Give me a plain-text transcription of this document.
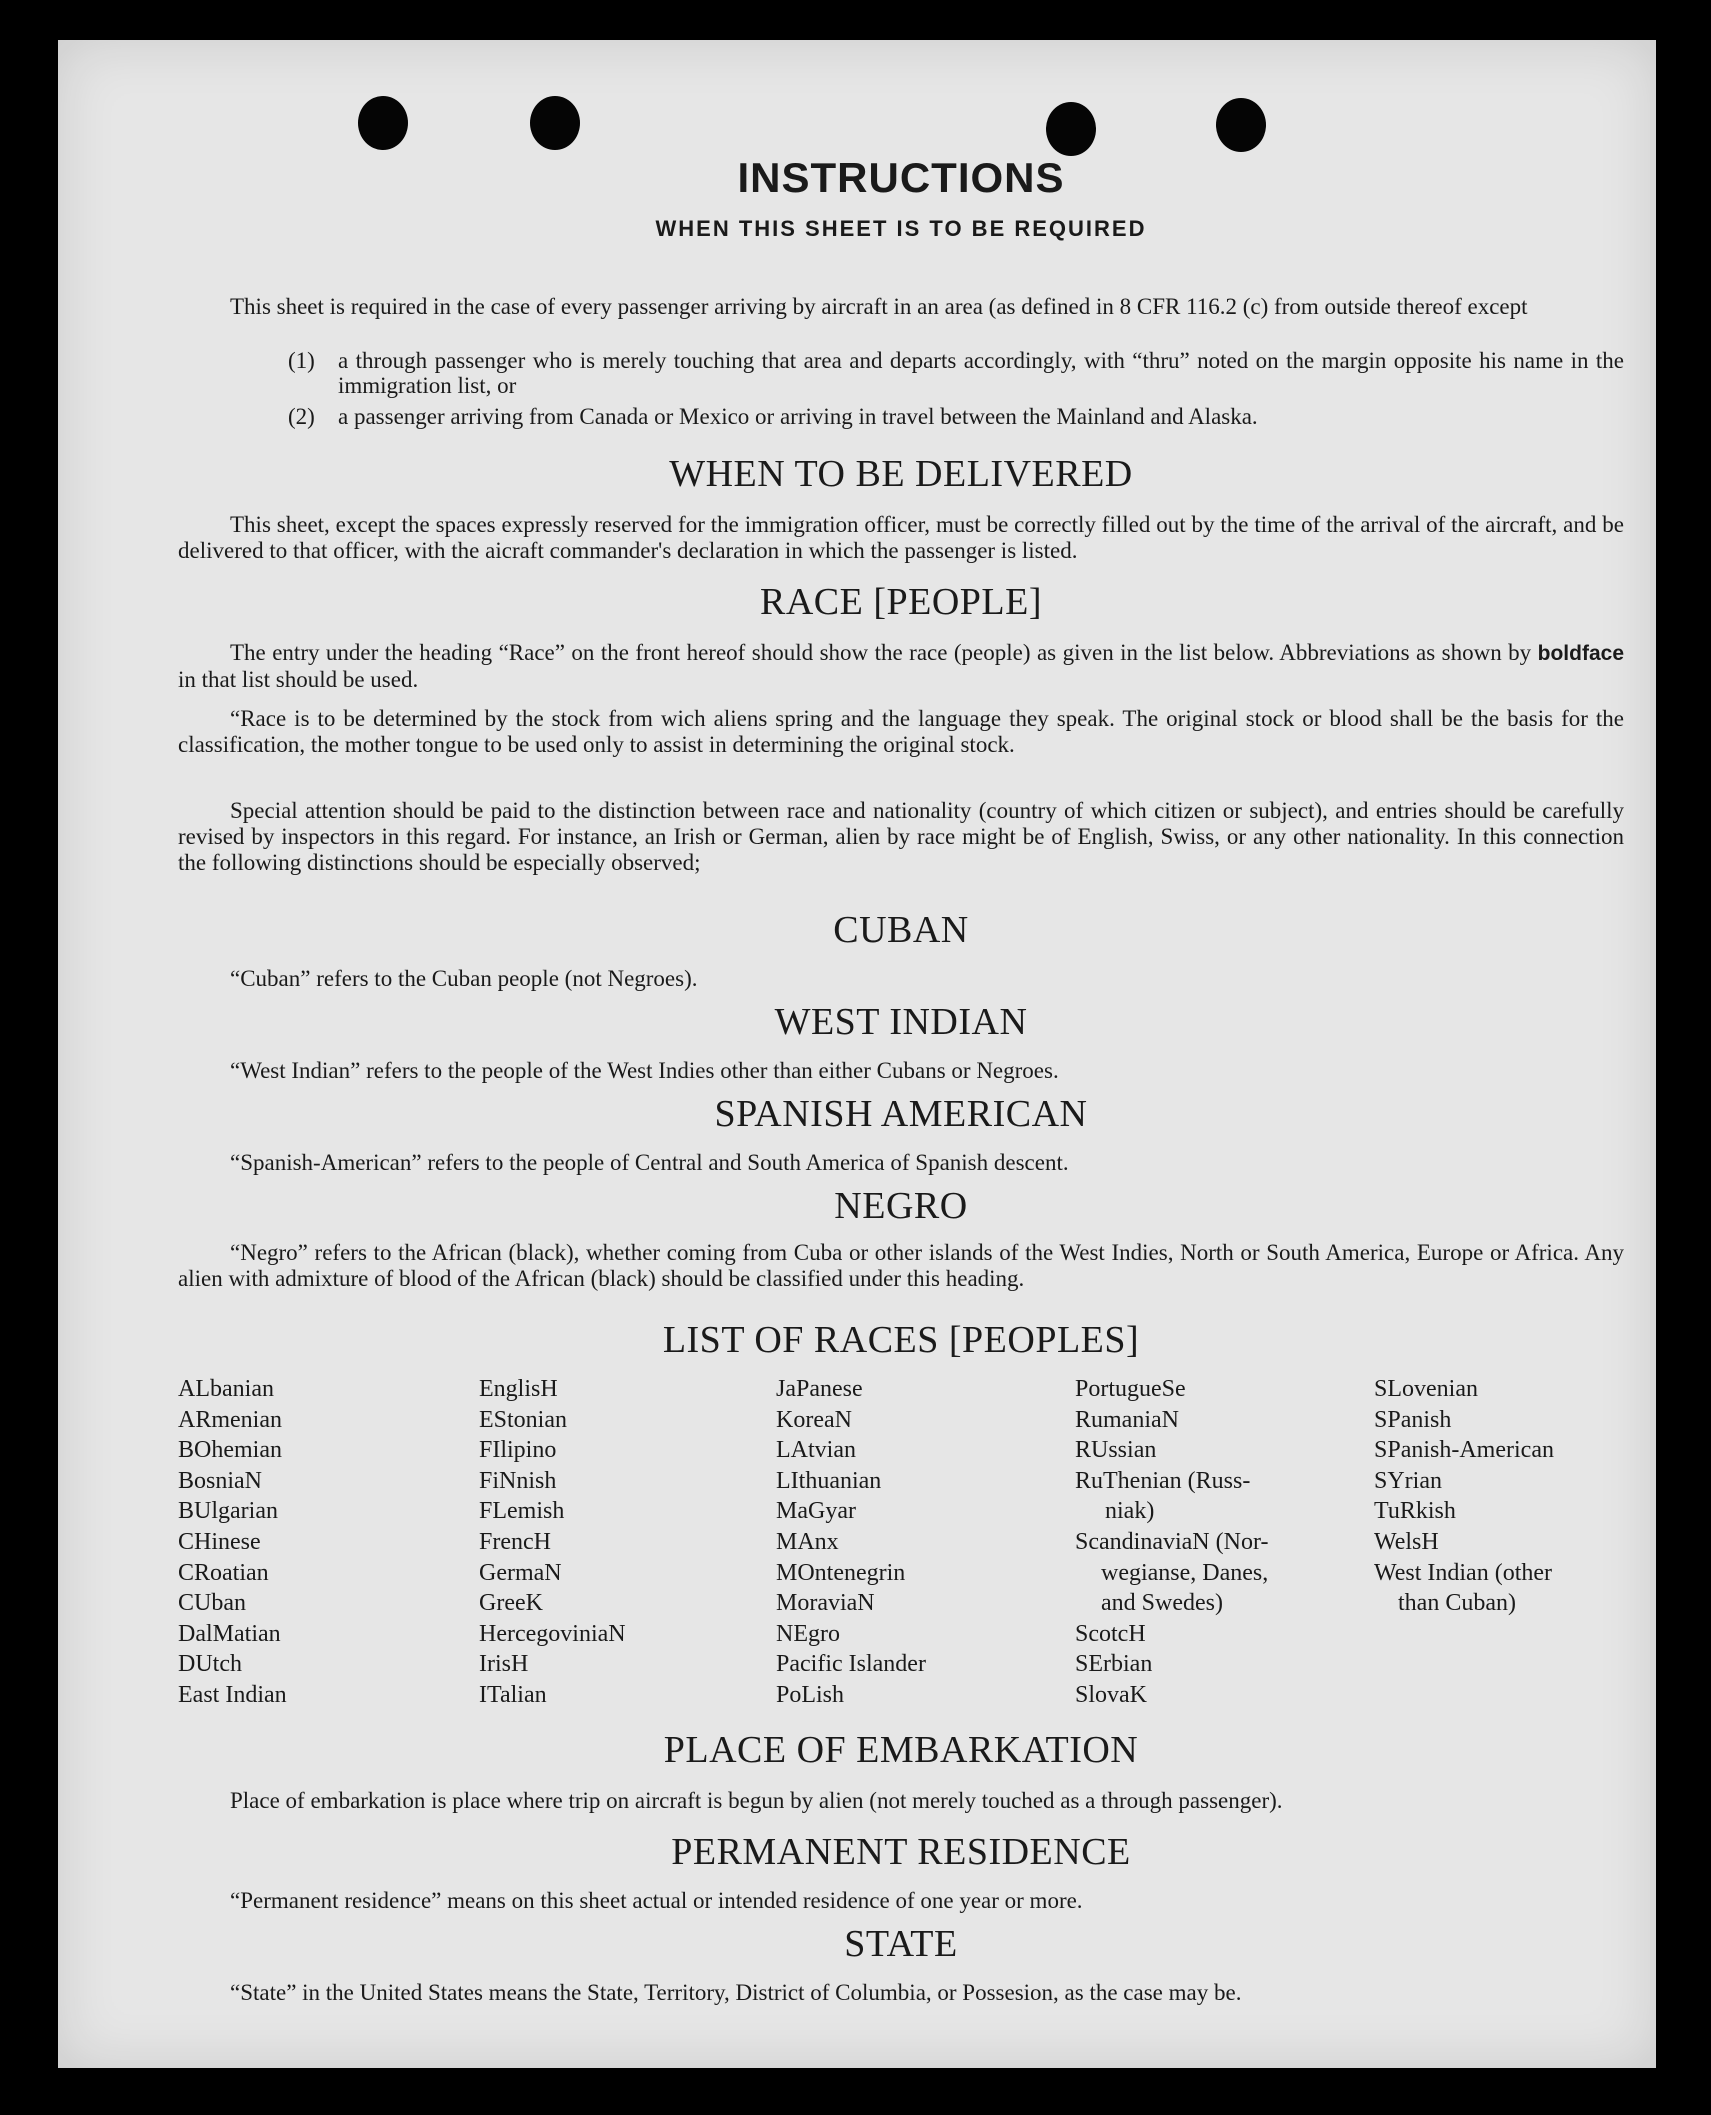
INSTRUCTIONS
WHEN THIS SHEET IS TO BE REQUIRED
This sheet is required in the case of every passenger arriving by aircraft in an area (as defined in 8 CFR 116.2 (c) from outside thereof except
(1) a through passenger who is merely touching that area and departs accordingly, with “thru” noted on the margin opposite his name in the immigration list, or
(2) a passenger arriving from Canada or Mexico or arriving in travel between the Mainland and Alaska.
WHEN TO BE DELIVERED
This sheet, except the spaces expressly reserved for the immigration officer, must be correctly filled out by the time of the arrival of the aircraft, and be delivered to that officer, with the aicraft commander's declaration in which the passenger is listed.
RACE [PEOPLE]
The entry under the heading “Race” on the front hereof should show the race (people) as given in the list below. Abbreviations as shown by boldface in that list should be used.
“Race is to be determined by the stock from wich aliens spring and the language they speak. The original stock or blood shall be the basis for the classification, the mother tongue to be used only to assist in determining the original stock.
Special attention should be paid to the distinction between race and nationality (country of which citizen or subject), and entries should be carefully revised by inspectors in this regard. For instance, an Irish or German, alien by race might be of English, Swiss, or any other nationality. In this connection the following distinctions should be especially observed;
CUBAN
“Cuban” refers to the Cuban people (not Negroes).
WEST INDIAN
“West Indian” refers to the people of the West Indies other than either Cubans or Negroes.
SPANISH AMERICAN
“Spanish-American” refers to the people of Central and South America of Spanish descent.
NEGRO
“Negro” refers to the African (black), whether coming from Cuba or other islands of the West Indies, North or South America, Europe or Africa. Any alien with admixture of blood of the African (black) should be classified under this heading.
LIST OF RACES [PEOPLES]
ALbanian
ARmenian
BOhemian
BosniaN
BUlgarian
CHinese
CRoatian
CUban
DalMatian
DUtch
East Indian
EnglisH
EStonian
FIlipino
FiNnish
FLemish
FrencH
GermaN
GreeK
HercegoviniaN
IrisH
ITalian
JaPanese
KoreaN
LAtvian
LIthuanian
MaGyar
MAnx
MOntenegrin
MoraviaN
NEgro
Pacific Islander
PoLish
PortugueSe
RumaniaN
RUssian
RuThenian (Russ-
niak)
ScandinaviaN (Nor-
wegianse, Danes,
and Swedes)
ScotcH
SErbian
SlovaK
SLovenian
SPanish
SPanish-American
SYrian
TuRkish
WelsH
West Indian (other
than Cuban)
PLACE OF EMBARKATION
Place of embarkation is place where trip on aircraft is begun by alien (not merely touched as a through passenger).
PERMANENT RESIDENCE
“Permanent residence” means on this sheet actual or intended residence of one year or more.
STATE
“State” in the United States means the State, Territory, District of Columbia, or Possesion, as the case may be.
